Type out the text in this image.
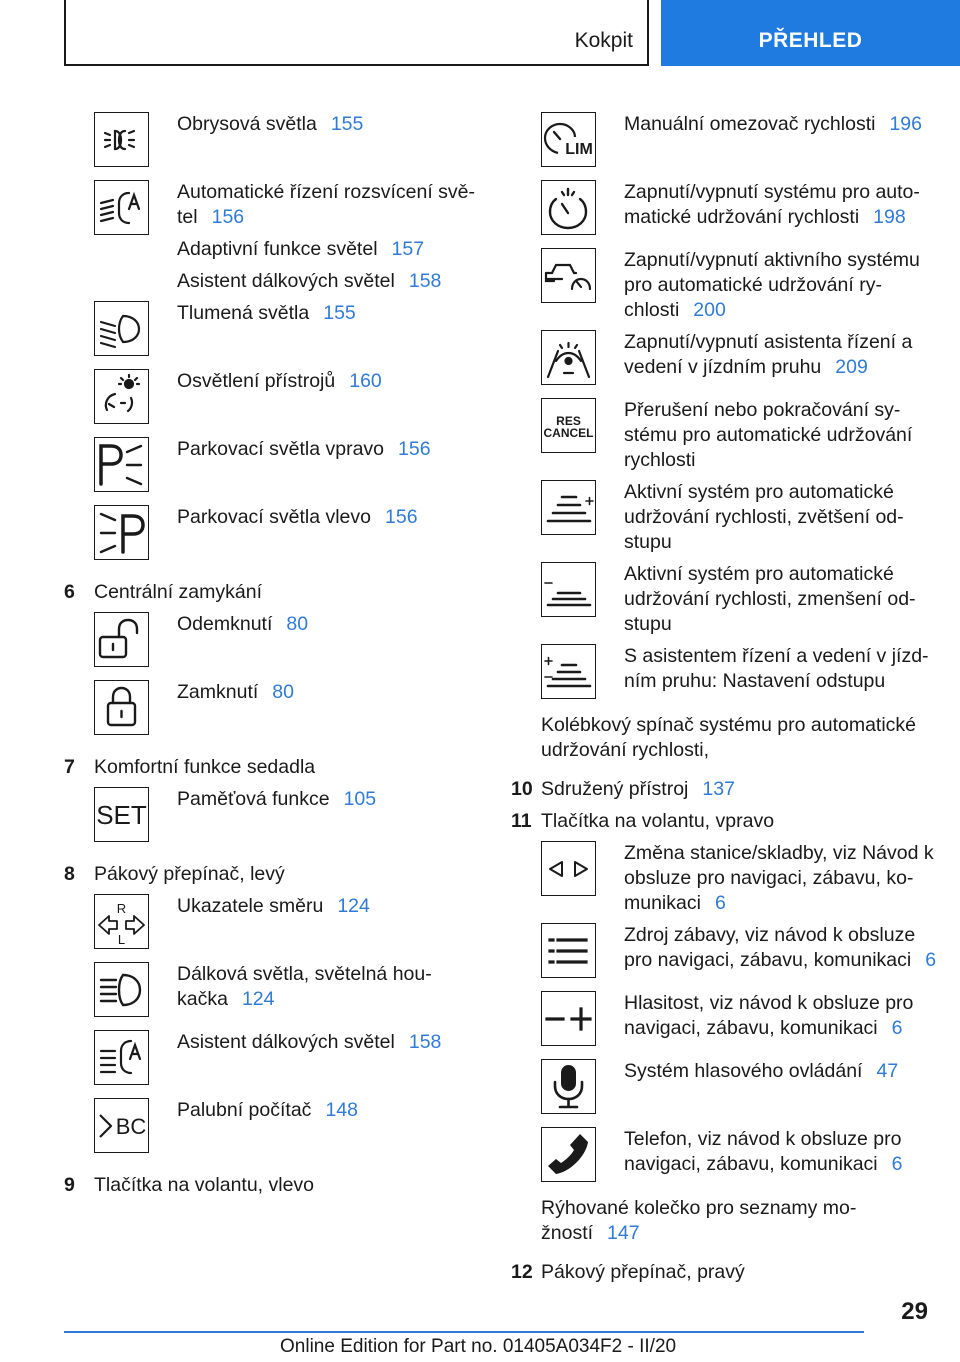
Kokpit	PŘEHLED
Obrysová světla 155
Automatické řízení rozsvícení svě-
tel 156
Adaptivní funkce světel 157
Asistent dálkových světel 158
Tlumená světla 155
Osvětlení přístrojů 160
Parkovací světla vpravo 156
Parkovací světla vlevo 156
6 Centrální zamykání
Odemknutí 80
Zamknutí 80
7 Komfortní funkce sedadla
SET
Paměťová funkce 105
8 Pákový přepínač, levý
R
L
Ukazatele směru 124
Dálková světla, světelná hou-
kačka 124
Asistent dálkových světel 158
BC
Palubní počítač 148
9 Tlačítka na volantu, vlevo
LIM
Manuální omezovač rychlosti 196
Zapnutí/vypnutí systému pro auto-
matické udržování rychlosti 198
Zapnutí/vypnutí aktivního systému
pro automatické udržování ry-
chlosti 200
Zapnutí/vypnutí asistenta řízení a
vedení v jízdním pruhu 209
RES
CANCEL
Přerušení nebo pokračování sy-
stému pro automatické udržování
rychlosti
Aktivní systém pro automatické
udržování rychlosti, zvětšení od-
stupu
Aktivní systém pro automatické
udržování rychlosti, zmenšení od-
stupu
S asistentem řízení a vedení v jízd-
ním pruhu: Nastavení odstupu
Kolébkový spínač systému pro automatické
udržování rychlosti,
10 Sdružený přístroj 137
11 Tlačítka na volantu, vpravo
Změna stanice/skladby, viz Návod k
obsluze pro navigaci, zábavu, ko-
munikaci 6
Zdroj zábavy, viz návod k obsluze
pro navigaci, zábavu, komunikaci 6
Hlasitost, viz návod k obsluze pro
navigaci, zábavu, komunikaci 6
Systém hlasového ovládání 47
Telefon, viz návod k obsluze pro
navigaci, zábavu, komunikaci 6
Rýhované kolečko pro seznamy mo-
žností 147
12 Pákový přepínač, pravý
29
Online Edition for Part no. 01405A034F2 - II/20
